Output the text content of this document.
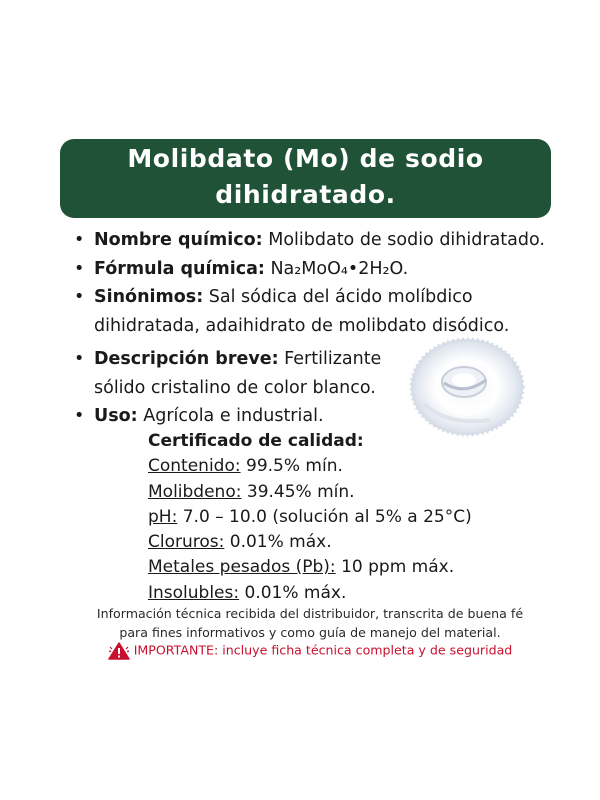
Molibdato (Mo) de sodio
dihidratado.
• Nombre químico: Molibdato de sodio dihidratado.
• Fórmula química: Na₂MoO₄•2H₂O.
• Sinónimos: Sal sódica del ácido molíbdico
dihidratada, adaihidrato de molibdato disódico.
• Descripción breve: Fertilizante
sólido cristalino de color blanco.
• Uso: Agrícola e industrial.
Certificado de calidad:
Contenido: 99.5% mín.
Molibdeno: 39.45% mín.
pH: 7.0 – 10.0 (solución al 5% a 25°C)
Cloruros: 0.01% máx.
Metales pesados (Pb): 10 ppm máx.
Insolubles: 0.01% máx.
Información técnica recibida del distribuidor, transcrita de buena fé
para fines informativos y como guía de manejo del material.
IMPORTANTE: incluye ficha técnica completa y de seguridad
